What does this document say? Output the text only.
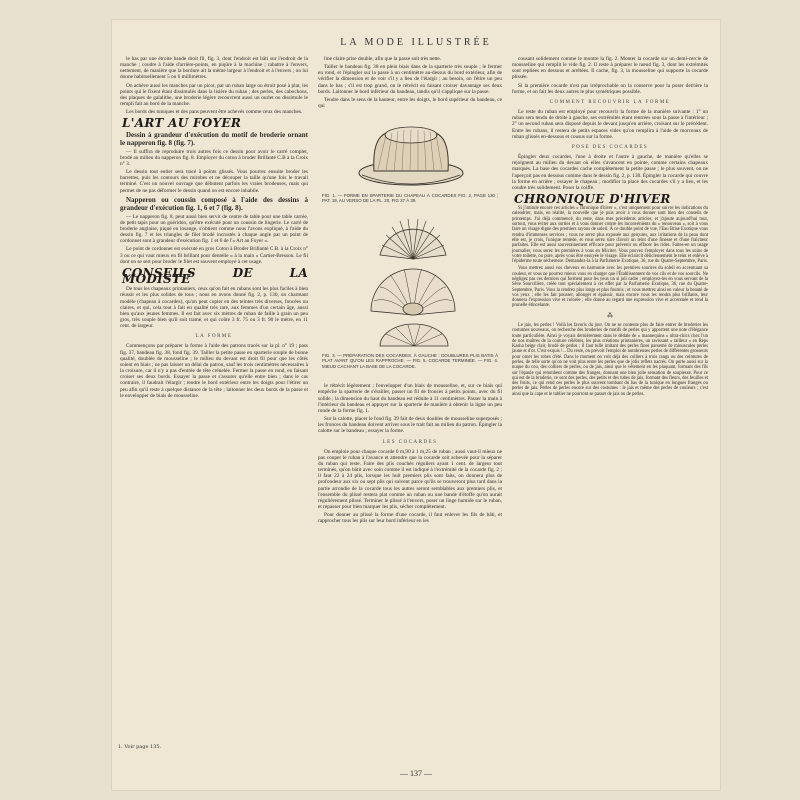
LA MODE ILLUSTRÉE

le bas par une étroite bande droit fil, fig. 3, dont l'endroit est bâti sur l'endroit de la manche ; coudre à l'aide d'arrière-points, en piqûre à la machine ; rabattre à l'envers, nettement, de manière que la bordure ait la même largeur à l'endroit et à l'envers ; on lui donne habituellement 5 ou 6 millimètres.

On achève aussi les manches par un picot, par un ruban large ou étroit posé à plat, les points qui le fixent étant dissimulés dans la lisière du ruban ; des perles, des cabochons, des plaques de galalithe, une broderie légère recouvrent aussi un ourlet ou dissimule le rempli fait au bord de la manche.

Les bords des tuniques et des pans peuvent être achevés comme ceux des manches.

L'ART AU FOYER

Dessin à grandeur d'exécution du motif de broderie ornant le napperon fig. 8 (fig. 7).

— Il suffira de reproduire trois autres fois ce dessin pour avoir le carré complet, brodé au milieu du napperon fig. 8. Employer du coton à broder Brillanté C.B à la Croix n° 3.

Le dessin tout entier sera tracé à points glissés. Vous pourrez ensuite broder les barrettes, puis les contours des mirobes et ne découper la taille qu'une fois le travail terminé. C'est un nouvel ouvrage que débutent parfois les vraies brodeuses, mais qui permet de ne pas déformer le dessin quand on est encore inhabile.

Napperon ou coussin composé à l'aide des dessins à grandeur d'exécution fig. 1, 6 et 7 (fig. 8).

— Le napperon fig. 8, peut aussi bien servir de centre de table pour une table carrée, de petit tapis pour un guéridon, qu'être exécuté pour un coussin de lingerie. Le carré de broderie anglaise, piqué en losange, s'obtient comme nous l'avons expliqué, à l'aide du dessin fig. 7 et les triangles de filet brodé incrustés à chaque angle par un point de cordonnet sont à grandeur d'exécution fig. 1 et 6 de l'« Art au Foyer ».

Le point de cordonnet est exécuté en gros Coton à Broder Brillanté C.B. à la Croix n° 3 ou ce qui vaut mieux en fil brillant pour dentelle « à la main » Cartier-Bresson. Le fil dont on se sert pour broder le filet est souvent employé à cet usage.

CONSEILS DE LA MODISTE

De tous les chapeaux printaniers, ceux qu'on fait en rubans sont les plus faciles à bien réussir et les plus solides de tous ; nous en avons donné fig. 2, p. 130, un charmant modèle (chapeau à cocardes), qu'on peut copier en des teintes très diverses, foncées ou claires, et qui, cela tout à fait en qualité très rare, aux femmes d'un certain âge, aussi bien qu'aux jeunes femmes. Il est fait avec six mètres de ruban de faille à grain un peu gros, très souple bien qu'il soit tramé, et qui coûte 3 fr. 75 ou 3 fr. 90 le mètre, en 11 cent. de largeur.

LA FORME

Commençons par préparer la forme à l'aide des patrons tracés sur la pl. n° 19 ; pass fig. 37, bandeau fig. 38, fond fig. 39. Tailler la petite passe en sparterie souple de bonne qualité, doublée de mousseline ; le milieu du devant est droit fil pour que les côtés soient en biais ; ne pas laisser un délai du patron, sauf les trois centimètres nécessaires à la croisure, car il n'y a pas d'entrée de tête crénelée. Fermer la passe en rond, en faisant croiser ses deux bords. Essayer la passe et s'assurer qu'elle entre bien ; dans le cas contraire, il faudrait l'élargir ; tendre le bord extérieur entre les doigts pour l'étirer un peu afin qu'il reste à quelque distance de la tête ; laitonner les deux bords de la passe et le envelopper de biais de mousseline.

1. Voir page 135.

line claire prise double, afin que la passe soit très nette.

Tailler le bandeau fig. 38 en plein biais dans de la sparterie très souple ; le fermer en rond, et l'épingler sur la passe à un centimètre au-dessus du bord extérieur, afin de vérifier la dimension et de voir s'il y a lieu de l'élargir ; au besoin, on l'étire un peu dans le bas ; s'il est trop grand, on le rétrécit en faisant croiser davantage ses deux bords. Laitonner le bord inférieur du bandeau, tandis qu'il s'applique sur la passe.

Tendre dans le sens de la hauteur, entre les doigts, le bord supérieur du bandeau, ce qui

FIG. 1. — FORME EN SPARTERIE DU CHAPEAU À COCARDES FIG. 2, PAGE 130 ; PAT. 19, AU VERSO DE LA PL. 20, FIG 37 À 39.
FIG. 3. — PRÉPARATION DES COCARDES. À GAUCHE : DOUBLURES PLIS BATIS À PLAT AVANT QU'ON LES RAPPROCHE. — FIG. 5. COCARDE TERMINÉE. — FIG. 4. MIEUD CACHANT LA BASE DE LA COCARDE.

le rétrécit légèrement ; l'envelopper d'un biais de mousseline, et, sur ce biais qui empêche la sparterie de s'érailler, passer un fil de fronces à petits points, avec du fil solide ; la dimension du haut du bandeau est réduite à 11 centimètres. Passer la main à l'intérieur du bandeau et appuyer sur la sparterie de manière à obtenir la ligne un peu ronde de la forme fig. 1.

Sur la calotte, placer le fond fig. 39 fait de deux doubles de mousseline superposés ; les fronces du bandeau doivent arriver sous le trait fait au milieu du patron. Épingler la calotte sur le bandeau ; essayer la forme.

LES COCARDES

On emploie pour chaque cocarde 0 m,90 à 1 m,25 de ruban ; aussi vaut-il mieux ne pas couper le ruban à l'avance et attendre que la cocarde soit achevée pour la séparer du ruban qui reste. Faire des plis couchés réguliers ayant 1 cent. de largeur tout terminés, qu'on bâtit avec soin comme il est indiqué à l'extrémité de la cocarde fig. 2 ; il faut 22 à 24 plis, lorsque les huit premiers plis sont faits, on donnera plus de profondeur aux six ou sept plis qui suivent parce qu'ils se trouveront plus tard dans la partie arrondie de la cocarde tous les autres seront semblables aux premiers plis, et l'ensemble du plissé restera plat comme un ruban ou une bande d'étoffe qu'on aurait régulièrement plissé. Terminer le plissé à l'envers, poser un linge humide sur le ruban, et repasser pour bien marquer les plis, sécher complètement.

Pour donner au plissé la forme d'une cocarde, il faut enlever les fils de bâti, et rapprocher tous les plis sur leur bord inférieur en les

cousant solidement comme le montre la fig. 2. Monter la cocarde sur un demi-cercle de mousseline qui remplit le vide fig. 2. Il reste à préparer le nœud fig. 3, dont les extrémités sont repliées en dessous et arrêtées. Il cache, fig. 3, la mousseline qui supporte la cocarde plissée.

Si la première cocarde n'est pas irréprochable on la conserve pour la poser derrière la forme, et on fait les deux autres le plus symétriques possible.

COMMENT RECOUVRIR LA FORME

Le reste du ruban est employé pour recouvrir la forme de la manière suivante : 1° un ruban sera tendu de droite à gauche, ses extrémités étant rentrées sous la passe à l'intérieur ; 2° un second ruban sera disposé depuis le devant jusqu'en arrière, croisant sur le précédent. Entre les rubans, il restera de petits espaces vides qu'on remplira à l'aide de morceaux de ruban glissés en-dessous et cousus sur la forme.

POSE DES COCARDES

Épingler deux cocardes, l'une à droite et l'autre à gauche, de manière qu'elles se rejoignent au milieu du devant où elles s'avancent en pointe, comme certains chapeaux marqués. La base des cocardes cache complètement la petite passe ; le plus souvent, on ne l'aperçoit pas en dessous comme dans le dessin fig. 2, p. 130. Épingler la cocarde qui couvre la forme en arrière ; essayer le chapeau ; modifier la place des cocardes s'il y a lieu, et les coudre très solidement. Poser la coiffe.

CHRONIQUE D'HIVER

Si j'intitule encore ces articles « chronique d'hiver », c'est uniquement pour suivre les indications du calendrier, mais, en réalité, la nouvelle que je puis avoir à vous donner sont bien des conseils de printemps. J'ai déjà commencé, du reste, dans mes précédents articles, et j'ajoute aujourd'hui tout, surtout, vous éviter aux sorties et à vous donner contre les inconvénients du « renouveau », soit à vous faire un visage digne des premiers rayons de soleil. À ce double point de vue, l'Eau Brise Exotique vous rendra d'immenses services ; vous ne serez plus exposée aux gerçures, aux irritations de la peau dont elle est, je crois, l'unique remède, et vous serez sûre d'avoir un teint d'une finesse et d'une fraîcheur parfaites. Elle est aussi souverainement efficace pour prévenir ou effacer les rides. Faites-en un usage journalier, vous serez les premières à vous en féliciter. Vous pouvez l'employer dans tous les soins de votre toilette, ou pure, après vous être essuyée le visage. Elle éclaircit délicieusement le teint et enlève à l'épiderme toute sécheresse. Demandez-la à la Parfumerie Exotique, 36, rue du Quatre-Septembre, Paris.

Vous mettrez aussi vos cheveux en harmonie avec les premiers sourires du soleil en accentuant sa couleur, et vous ne pourrez mieux vous en charger que l'Établissement de vos cils et de vos sourcils. Ne négligez pas ces derniers qui forment pour les yeux un si joli cadre ; employez-les en vous servant de la Sève Sourcilière, créée tout spécialement à cet effet par la Parfumerie Exotique, 36, rue du Quatre-Septembre, Paris. Vous la rendrez plus longs et plus fournis ; et vous mettrez ainsi en valeur la beauté de vos yeux ; elle les fait pousser, allonger et épaissir, mais encore vous les rendra plus brillants, leur donnera l'expression vive et colorée ; elle donne au regard une expression vive et accentuée et rend la prunelle étincelante.

⁂

Le jais, les perles ! Voilà les favoris du jour. On ne se contente plus de faire entrer de broderies les costumes nouveaux, on recherche des broderies de motifs de perles qui y apportent une note d'élégance toute particulière. Ainsi je voyais dernièrement dans le dédale de « mannequins » ultra-chics chez l'un de nos maîtres de la couture célèbres, les plus créations printanières, un ravissant « tailleur » en Reps Kasha beige clair, brodé de perles ; il faut tulle imitant des perles fines parsemé de minuscules perles jaune et d'or. C'est exquis !... Du reste, on prévoit l'emploi de nombreuses perles de différentes grosseurs pour orner les robes d'été. Dans le moment on voit déjà des colliers à trois rangs ou des ceintures de perles, de telle sorte qu'on ne voit plus entre les perles que de jolis reflets nacrés. On porte aussi sur la nuque du cou, des colliers de perles, ou de jais, ainsi que le vêtement en les plaquant, formant des fils sur l'épaule qui retombent comme des franges, donnant une bien jolie sensation de souplesse. Pour ce qui est de la broderie, ce sont des perles, des petits et des tubes de jais, formant des fleurs, des feuilles et des fruits, ce qui rend ces perles le plus souvent tombant du bas de la tunique en longues franges ou perles de jais. Perles de perles encore sur des costumes : le jais et même des perles de couleurs ; c'est ainsi que la cape et le tablier ne pourront se passer de jais ou de perles.

— 137 —
